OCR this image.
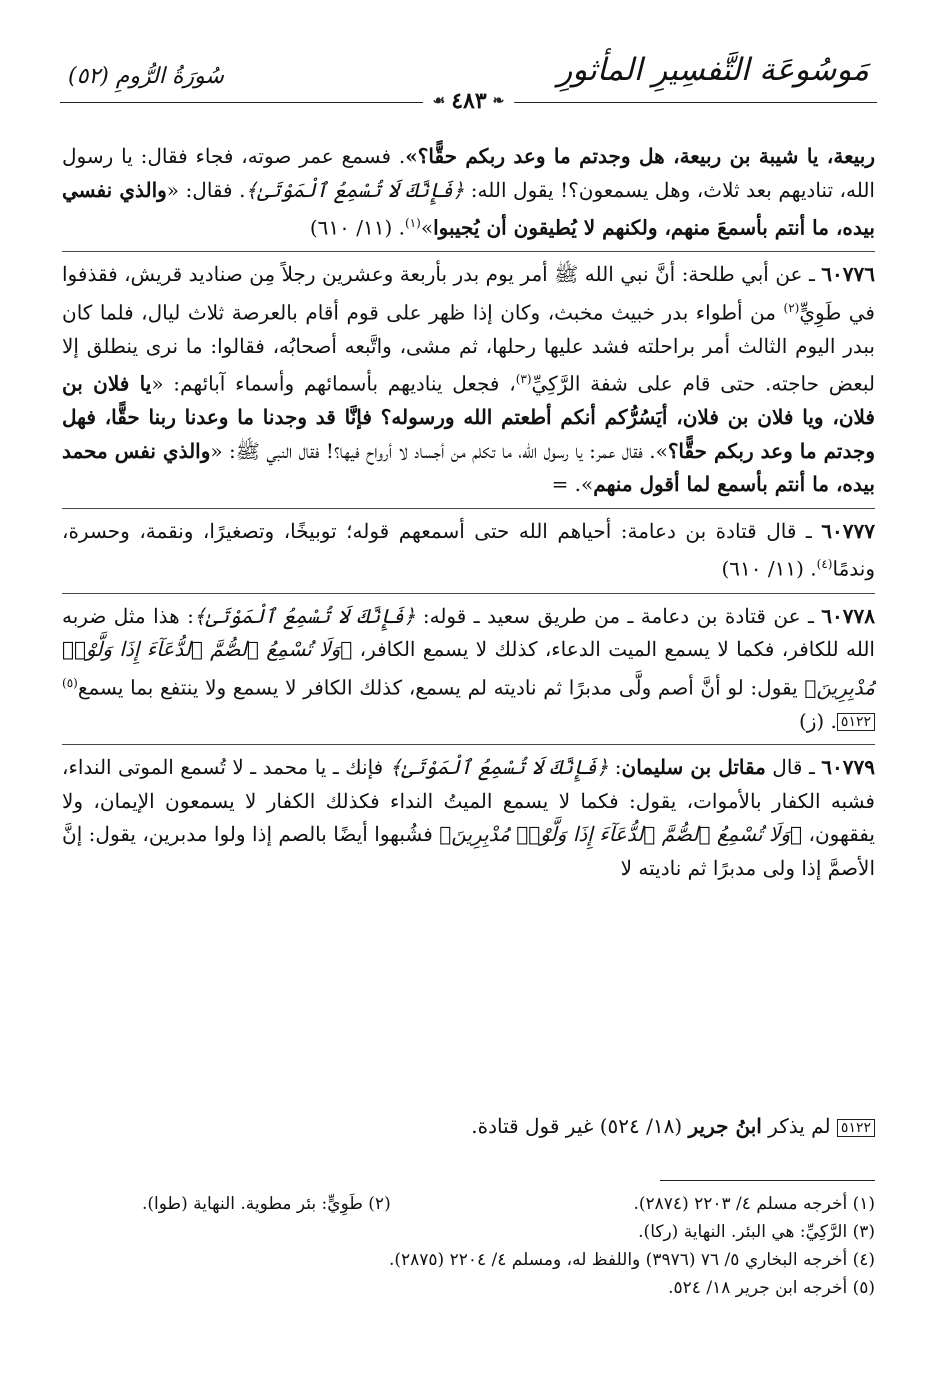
مَوسُوعَة التَّفسِيرِ المأثورِ
سُورَةُ الرُّومِ (٥٢)
❧
٤٨٣
☙
ربيعة، يا شيبة بن ربيعة، هل وجدتم ما وعد ربكم حقًّا؟». فسمع عمر صوته، فجاء فقال: يا رسول الله، تناديهم بعد ثلاث، وهل يسمعون؟! يقول الله: ﴿فَإِنَّكَ لَا تُسْمِعُ ٱلْمَوْتَىٰ﴾. فقال: «والذي نفسي بيده، ما أنتم بأسمعَ منهم، ولكنهم لا يُطيقون أن يُجيبوا»$^{(١)}$. (١١/ ٦١٠)
٦٠٧٧٦ ـ عن أبي طلحة: أنَّ نبي الله ﷺ أمر يوم بدر بأربعة وعشرين رجلاً مِن صناديد قريش، فقذفوا في طَوِيٍّ$^{(٢)}$ من أطواء بدر خبيث مخبث، وكان إذا ظهر على قوم أقام بالعرصة ثلاث ليال، فلما كان ببدر اليوم الثالث أمر براحلته فشد عليها رحلها، ثم مشى، واتَّبعه أصحابُه، فقالوا: ما نرى ينطلق إلا لبعض حاجته. حتى قام على شفة الرَّكِيِّ$^{(٣)}$، فجعل يناديهم بأسمائهم وأسماء آبائهم: «يا فلان بن فلان، ويا فلان بن فلان، أيَسُرُّكم أنكم أطعتم الله ورسوله؟ فإنَّا قد وجدنا ما وعدنا ربنا حقًّا، فهل وجدتم ما وعد ربكم حقًّا؟». فقال عمر: يا رسول الله، ما تكلم من أجساد لا أرواح فيها؟! فقال النبي ﷺ: «والذي نفس محمد بيده، ما أنتم بأسمع لما أقول منهم». =
٦٠٧٧٧ ـ قال قتادة بن دعامة: أحياهم الله حتى أسمعهم قوله؛ توبيخًا، وتصغيرًا، ونقمة، وحسرة، وندمًا$^{(٤)}$. (١١/ ٦١٠)
٦٠٧٧٨ ـ عن قتادة بن دعامة ـ من طريق سعيد ـ قوله: ﴿فَإِنَّكَ لَا تُسْمِعُ ٱلْمَوْتَىٰ﴾: هذا مثل ضربه الله للكافر، فكما لا يسمع الميت الدعاء، كذلك لا يسمع الكافر، ﴿وَلَا تُسْمِعُ ٱلصُّمَّ ٱلدُّعَآءَ إِذَا وَلَّوْا۟ مُدْبِرِينَ﴾ يقول: لو أنَّ أصم ولَّى مدبرًا ثم ناديته لم يسمع، كذلك الكافر لا يسمع ولا ينتفع بما يسمع$^{(٥)}$٥١٢٢. (ز)
٦٠٧٧٩ ـ قال مقاتل بن سليمان: ﴿فَإِنَّكَ لَا تُسْمِعُ ٱلْمَوْتَىٰ﴾ فإنك ـ يا محمد ـ لا تُسمع الموتى النداء، فشبه الكفار بالأموات، يقول: فكما لا يسمع الميتُ النداء فكذلك الكفار لا يسمعون الإيمان، ولا يفقهون، ﴿وَلَا تُسْمِعُ ٱلصُّمَّ ٱلدُّعَآءَ إِذَا وَلَّوْا۟ مُدْبِرِينَ﴾ فشُبهوا أيضًا بالصم إذا ولوا مدبرين، يقول: إنَّ الأصمَّ إذا ولى مدبرًا ثم ناديته لا
٥١٢٢ لم يذكر ابنُ جرير (١٨/ ٥٢٤) غير قول قتادة.
(١) أخرجه مسلم ٤/ ٢٢٠٣ (٢٨٧٤).
(٢) طَوِيٍّ: بئر مطوية. النهاية (طوا).
(٣) الرَّكِيِّ: هي البئر. النهاية (ركا).
(٤) أخرجه البخاري ٥/ ٧٦ (٣٩٧٦) واللفظ له، ومسلم ٤/ ٢٢٠٤ (٢٨٧٥).
(٥) أخرجه ابن جرير ١٨/ ٥٢٤.
